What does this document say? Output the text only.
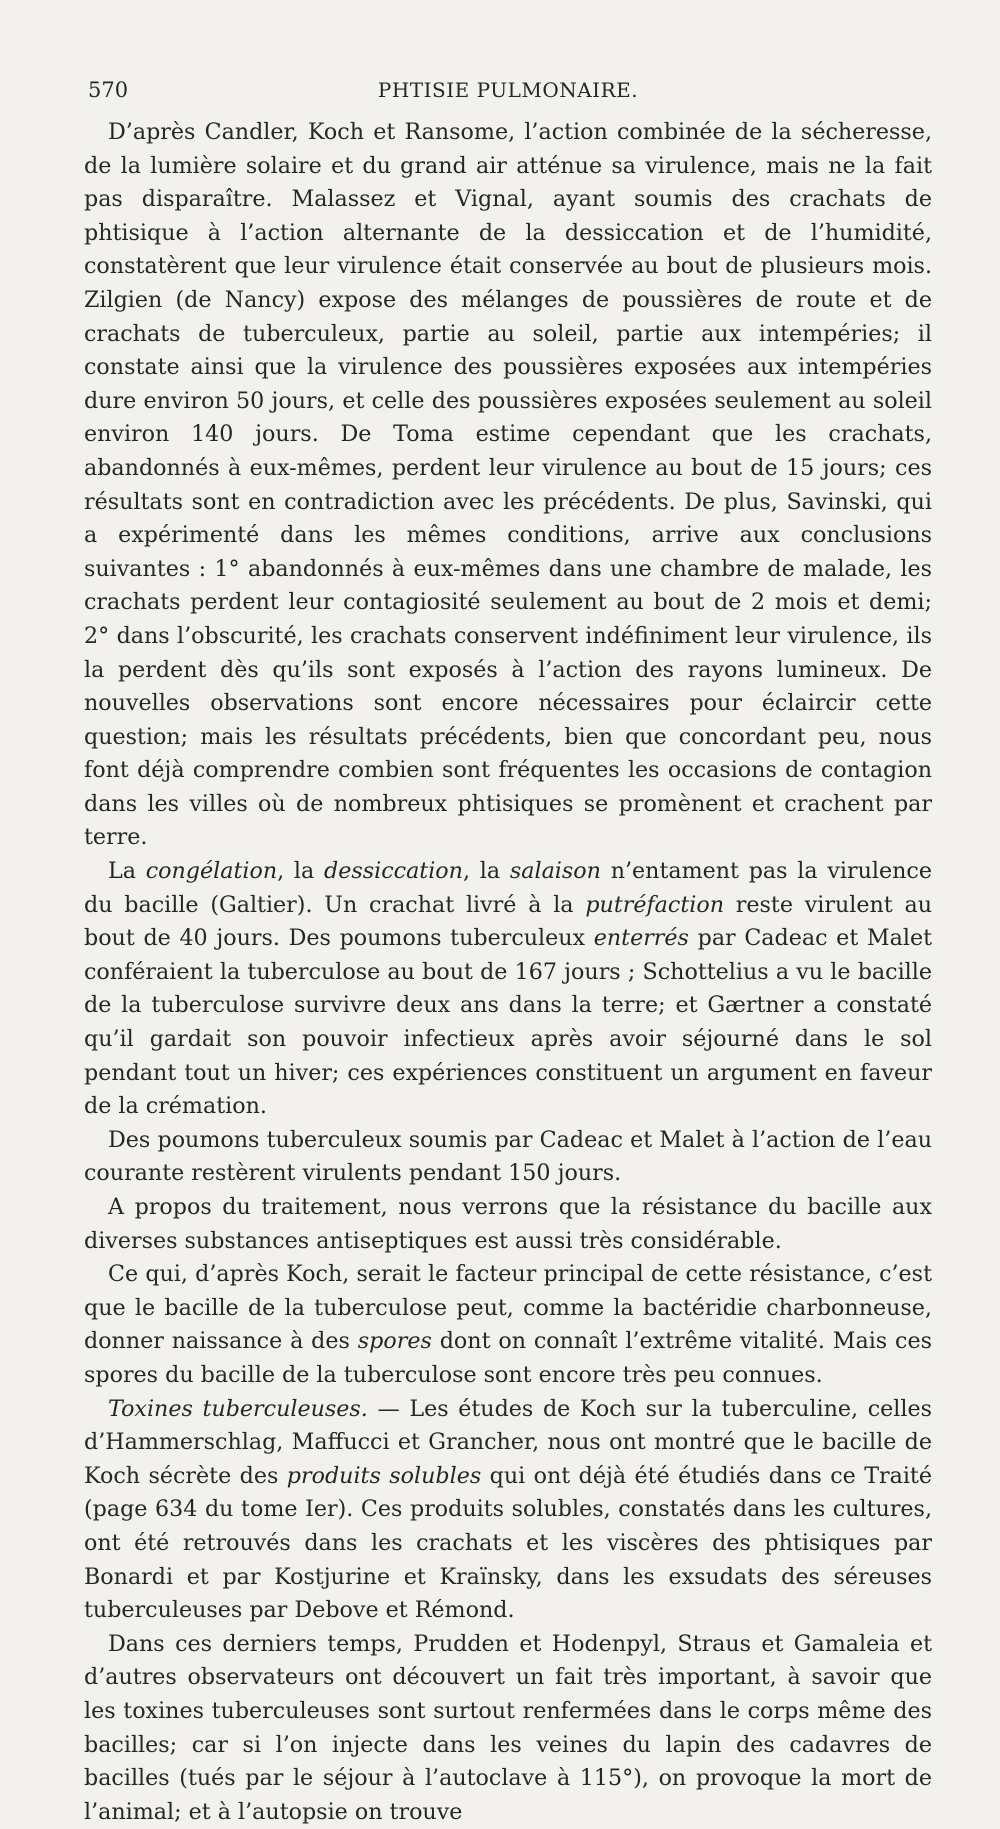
570	PHTISIE PULMONAIRE.

D’après Candler, Koch et Ransome, l’action combinée de la sécheresse, de la lumière solaire et du grand air atténue sa virulence, mais ne la fait pas disparaître. Malassez et Vignal, ayant soumis des crachats de phtisique à l’action alternante de la dessiccation et de l’humidité, constatèrent que leur virulence était conservée au bout de plusieurs mois. Zilgien (de Nancy) expose des mélanges de poussières de route et de crachats de tuberculeux, partie au soleil, partie aux intempéries; il constate ainsi que la virulence des poussières exposées aux intempéries dure environ 50 jours, et celle des poussières exposées seulement au soleil environ 140 jours. De Toma estime cependant que les crachats, abandonnés à eux-mêmes, perdent leur virulence au bout de 15 jours; ces résultats sont en contradiction avec les précédents. De plus, Savinski, qui a expérimenté dans les mêmes conditions, arrive aux conclusions suivantes : 1° abandonnés à eux-mêmes dans une chambre de malade, les crachats perdent leur contagiosité seulement au bout de 2 mois et demi; 2° dans l’obscurité, les crachats conservent indéfiniment leur virulence, ils la perdent dès qu’ils sont exposés à l’action des rayons lumineux. De nouvelles observations sont encore nécessaires pour éclaircir cette question; mais les résultats précédents, bien que concordant peu, nous font déjà comprendre combien sont fréquentes les occasions de contagion dans les villes où de nombreux phtisiques se promènent et crachent par terre.

La congélation, la dessiccation, la salaison n’entament pas la virulence du bacille (Galtier). Un crachat livré à la putréfaction reste virulent au bout de 40 jours. Des poumons tuberculeux enterrés par Cadeac et Malet conféraient la tuberculose au bout de 167 jours ; Schottelius a vu le bacille de la tuberculose survivre deux ans dans la terre; et Gærtner a constaté qu’il gardait son pouvoir infectieux après avoir séjourné dans le sol pendant tout un hiver; ces expériences constituent un argument en faveur de la crémation.

Des poumons tuberculeux soumis par Cadeac et Malet à l’action de l’eau courante restèrent virulents pendant 150 jours.

A propos du traitement, nous verrons que la résistance du bacille aux diverses substances antiseptiques est aussi très considérable.

Ce qui, d’après Koch, serait le facteur principal de cette résistance, c’est que le bacille de la tuberculose peut, comme la bactéridie charbonneuse, donner naissance à des spores dont on connaît l’extrême vitalité. Mais ces spores du bacille de la tuberculose sont encore très peu connues.

Toxines tuberculeuses. — Les études de Koch sur la tuberculine, celles d’Hammerschlag, Maffucci et Grancher, nous ont montré que le bacille de Koch sécrète des produits solubles qui ont déjà été étudiés dans ce Traité (page 634 du tome Ier). Ces produits solubles, constatés dans les cultures, ont été retrouvés dans les crachats et les viscères des phtisiques par Bonardi et par Kostjurine et Kraïnsky, dans les exsudats des séreuses tuberculeuses par Debove et Rémond.

Dans ces derniers temps, Prudden et Hodenpyl, Straus et Gamaleia et d’autres observateurs ont découvert un fait très important, à savoir que les toxines tuberculeuses sont surtout renfermées dans le corps même des bacilles; car si l’on injecte dans les veines du lapin des cadavres de bacilles (tués par le séjour à l’autoclave à 115°), on provoque la mort de l’animal; et à l’autopsie on trouve
